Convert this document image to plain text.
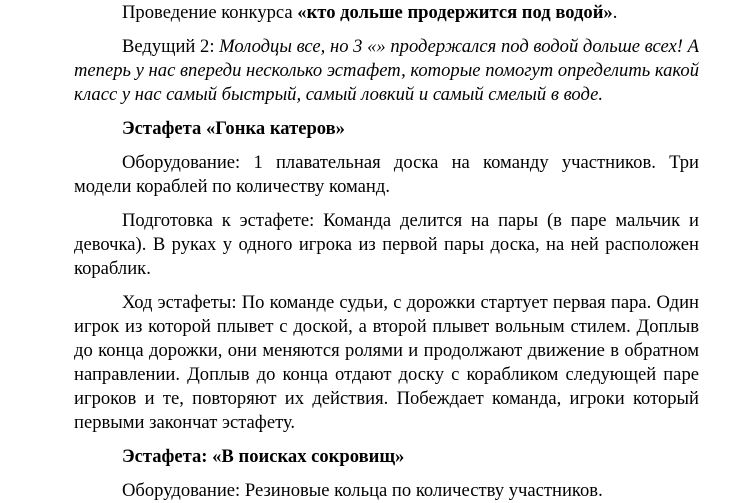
Проведение конкурса «кто дольше продержится под водой».

Ведущий 2: Молодцы все, но 3 «» продержался под водой дольше всех! А теперь у нас впереди несколько эстафет, которые помогут определить какой класс у нас самый быстрый, самый ловкий и самый смелый в воде.

Эстафета «Гонка катеров»

Оборудование: 1 плавательная доска на команду участников. Три модели кораблей по количеству команд.

Подготовка к эстафете: Команда делится на пары (в паре мальчик и девочка). В руках у одного игрока из первой пары доска, на ней расположен кораблик.

Ход эстафеты: По команде судьи, с дорожки стартует первая пара. Один игрок из которой плывет с доской, а второй плывет вольным стилем. Доплыв до конца дорожки, они меняются ролями и продолжают движение в обратном направлении. Доплыв до конца отдают доску с корабликом следующей паре игроков и те, повторяют их действия. Побеждает команда, игроки который первыми закончат эстафету.

Эстафета: «В поисках сокровищ»

Оборудование: Резиновые кольца по количеству участников.
